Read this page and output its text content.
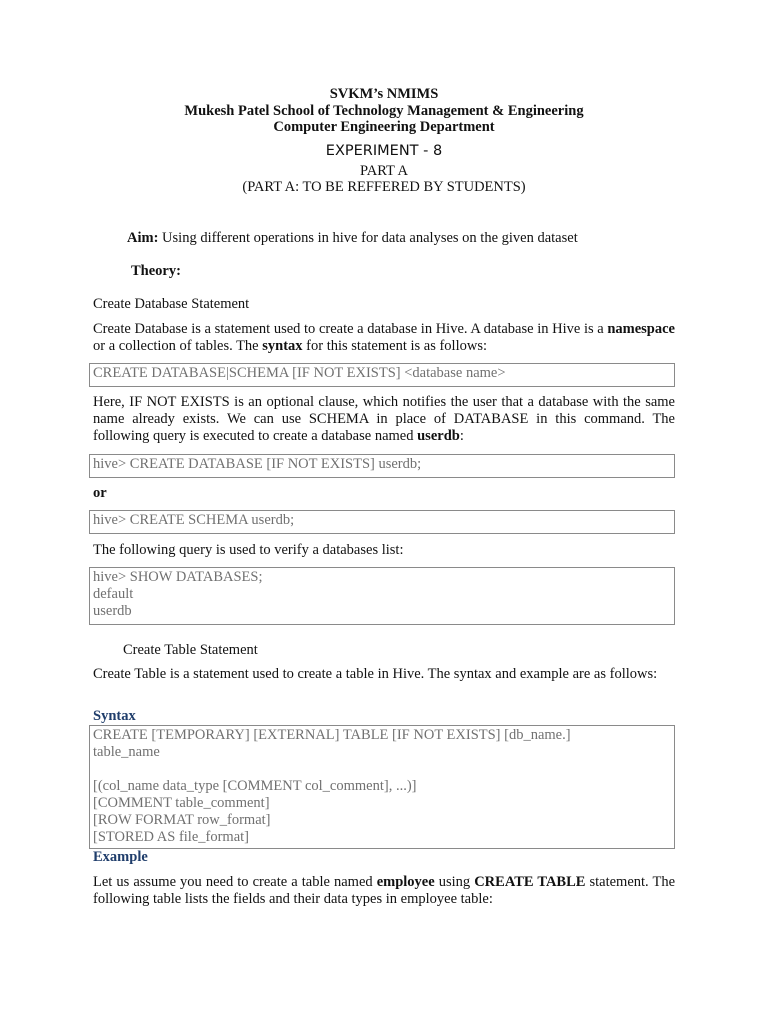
SVKM’s NMIMS
Mukesh Patel School of Technology Management & Engineering
Computer Engineering Department
EXPERIMENT - 8
PART A
(PART A: TO BE REFFERED BY STUDENTS)
Aim: Using different operations in hive for data analyses on the given dataset
Theory:
Create Database Statement
Create Database is a statement used to create a database in Hive. A database in Hive is a namespace or a collection of tables. The syntax for this statement is as follows:
CREATE DATABASE|SCHEMA [IF NOT EXISTS] <database name>
Here, IF NOT EXISTS is an optional clause, which notifies the user that a database with the same name already exists. We can use SCHEMA in place of DATABASE in this command. The following query is executed to create a database named userdb:
hive> CREATE DATABASE [IF NOT EXISTS] userdb;
or
hive> CREATE SCHEMA userdb;
The following query is used to verify a databases list:
hive> SHOW DATABASES;
default
userdb
Create Table Statement
Create Table is a statement used to create a table in Hive. The syntax and example are as follows:
Syntax
CREATE [TEMPORARY] [EXTERNAL] TABLE [IF NOT EXISTS] [db_name.]
table_name
[(col_name data_type [COMMENT col_comment], ...)]
[COMMENT table_comment]
[ROW FORMAT row_format]
[STORED AS file_format]
Example
Let us assume you need to create a table named employee using CREATE TABLE statement. The following table lists the fields and their data types in employee table:
